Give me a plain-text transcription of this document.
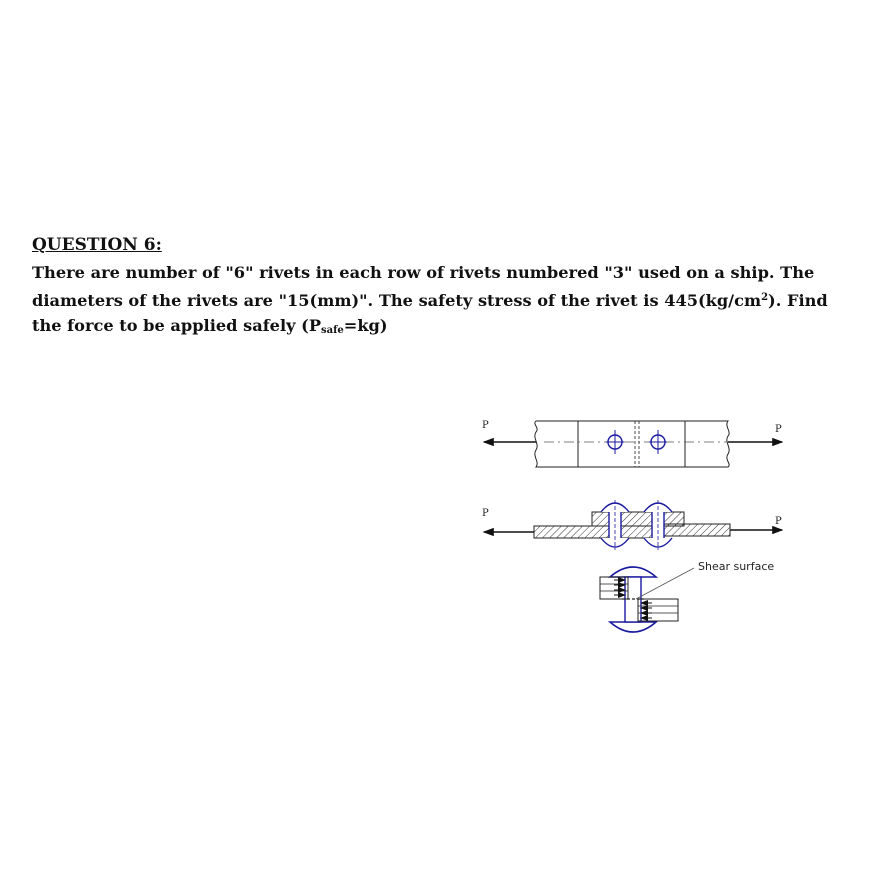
QUESTION 6:

There are number of "6" rivets in each row of rivets numbered "3" used on a ship. The diameters of the rivets are "15(mm)". The safety stress of the rivet is $445(kg/cm^2)$. Find the force to be applied safely $(P_{safe}=kg)$

P	P
P
P
Shear surface
